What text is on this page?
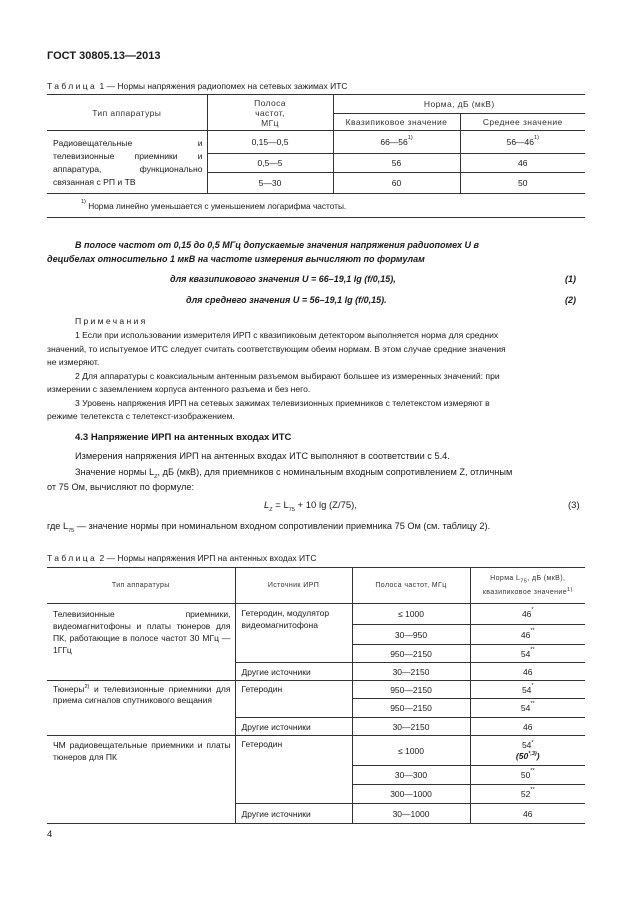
ГОСТ 30805.13—2013
Таблица 1 — Нормы напряжения радиопомех на сетевых зажимах ИТС
Тип аппаратуры	Полоса частот, МГц	Норма, дБ (мкВ)	
		Квазипиковое значение	Среднее значение
Радиовещательные и телевизионные приемники и аппаратура, функционально связанная с РП и ТВ	0,15—0,5	66—56$^{1)}$	56—46$^{1)}$
	0,5—5	56	46
	5—30	60	50
$^{1)}$ Норма линейно уменьшается с уменьшением логарифма частоты.			
В полосе частот от 0,15 до 0,5 МГц допускаемые значения напряжения радиопомех U в
децибелах относительно 1 мкВ на частоте измерения вычисляют по формулам
для квазипикового значения U = 66–19,1 lg (f/0,15),	(1)
для среднего значения U = 56–19,1 lg (f/0,15).	(2)
Примечания
1 Если при использовании измерителя ИРП с квазипиковым детектором выполняется норма для средних
значений, то испытуемое ИТС следует считать соответствующим обеим нормам. В этом случае средние значения
не измеряют.
2 Для аппаратуры с коаксиальным антенным разъемом выбирают большее из измеренных значений: при
измерении с заземлением корпуса антенного разъема и без него.
3 Уровень напряжения ИРП на сетевых зажимах телевизионных приемников с телетекстом измеряют в
режиме телетекста с телетекст-изображением.
4.3 Напряжение ИРП на антенных входах ИТС
Измерения напряжения ИРП на антенных входах ИТС выполняют в соответствии с 5.4.
Значение нормы $L_Z$, дБ (мкВ), для приемников с номинальным входным сопротивлением Z, отличным
от 75 Ом, вычисляют по формуле:
$L_Z = L_{75} + 10$ lg (Z/75),	(3)
где $L_{75}$ — значение нормы при номинальном входном сопротивлении приемника 75 Ом (см. таблицу 2).
Таблица 2 — Нормы напряжения ИРП на антенных входах ИТС
Тип аппаратуры	Источник ИРП	Полоса частот, МГц	Норма $L_{75}$, дБ (мкВ),
квазипиковое значение$^{1)}$
Телевизионные приемники, видеомагнитофоны и платы тюнеров для ПК, работающие в полосе частот 30 МГц — 1ГГц	Гетеродин, модулятор видеомагнитофона	≤ 1000	46*
		30—950	46**
		950—2150	54**
	Другие источники	30—2150	46
Тюнеры$^{2)}$ и телевизионные приемники для приема сигналов спутникового вещания	Гетеродин	950—2150	54*
		950—2150	54**
	Другие источники	30—2150	46
ЧМ радиовещательные приемники и платы тюнеров для ПК	Гетеродин	≤ 1000	54*
$(50^{*,3)})$
		30—300	50**
		300—1000	52**
	Другие источники	30—1000	46
4
